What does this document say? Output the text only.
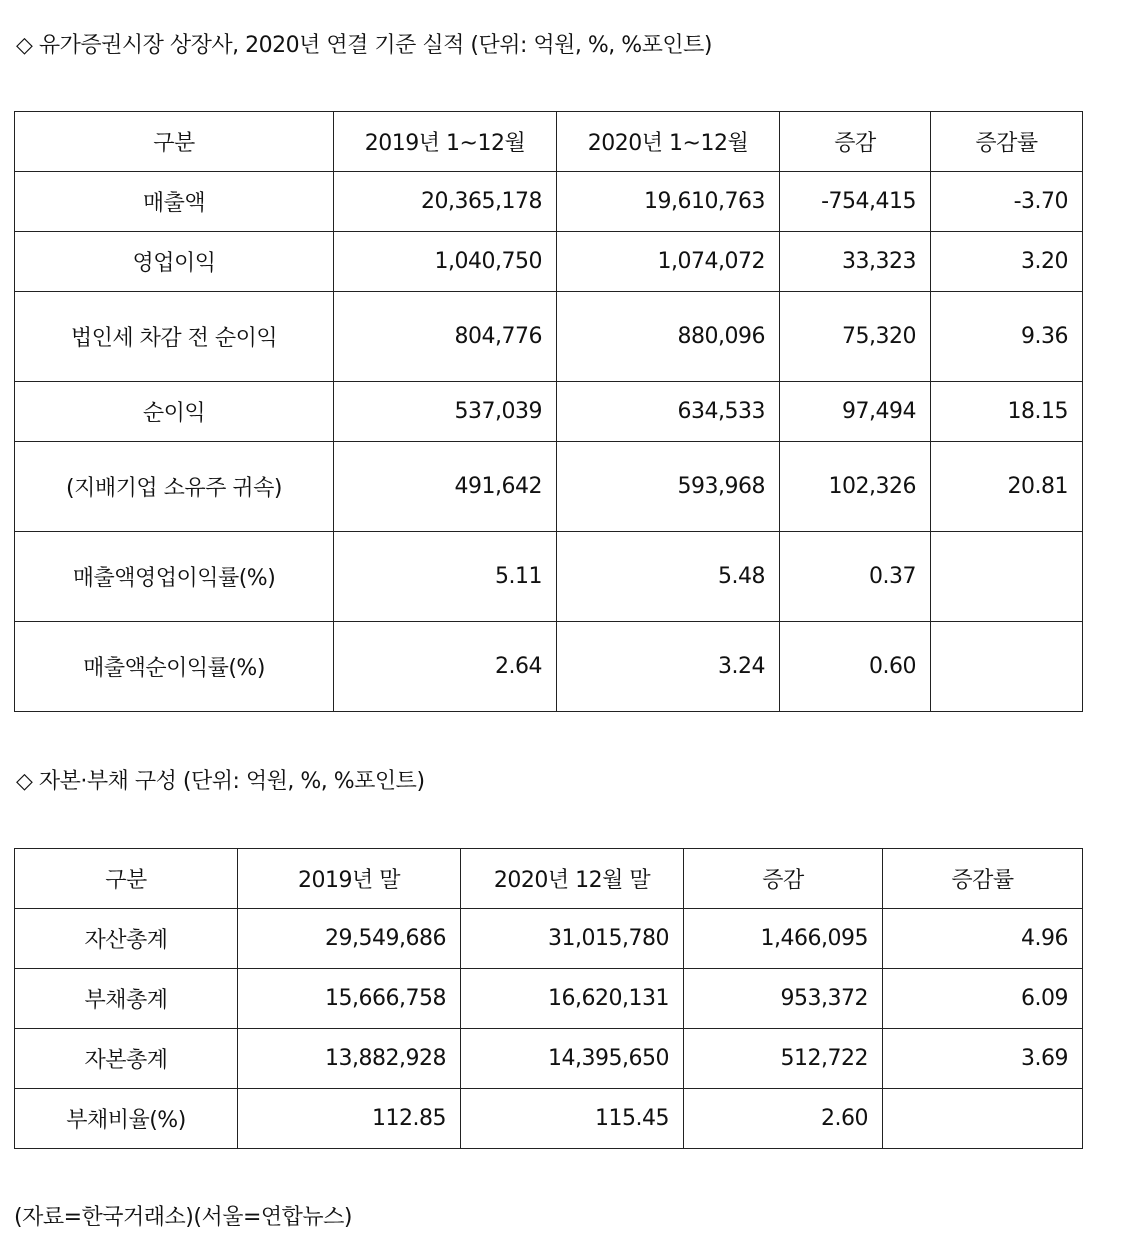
◇ 유가증권시장 상장사, 2020년 연결 기준 실적 (단위: 억원, %, %포인트)
구분	2019년 1~12월	2020년 1~12월	증감	증감률
매출액	20,365,178	19,610,763	-754,415	-3.70
영업이익	1,040,750	1,074,072	33,323	3.20
법인세 차감 전 순이익	804,776	880,096	75,320	9.36
순이익	537,039	634,533	97,494	18.15
(지배기업 소유주 귀속)	491,642	593,968	102,326	20.81
매출액영업이익률(%)	5.11	5.48	0.37	
매출액순이익률(%)	2.64	3.24	0.60	
◇ 자본·부채 구성 (단위: 억원, %, %포인트)
구분	2019년 말	2020년 12월 말	증감	증감률
자산총계	29,549,686	31,015,780	1,466,095	4.96
부채총계	15,666,758	16,620,131	953,372	6.09
자본총계	13,882,928	14,395,650	512,722	3.69
부채비율(%)	112.85	115.45	2.60	
(자료=한국거래소)(서울=연합뉴스)
